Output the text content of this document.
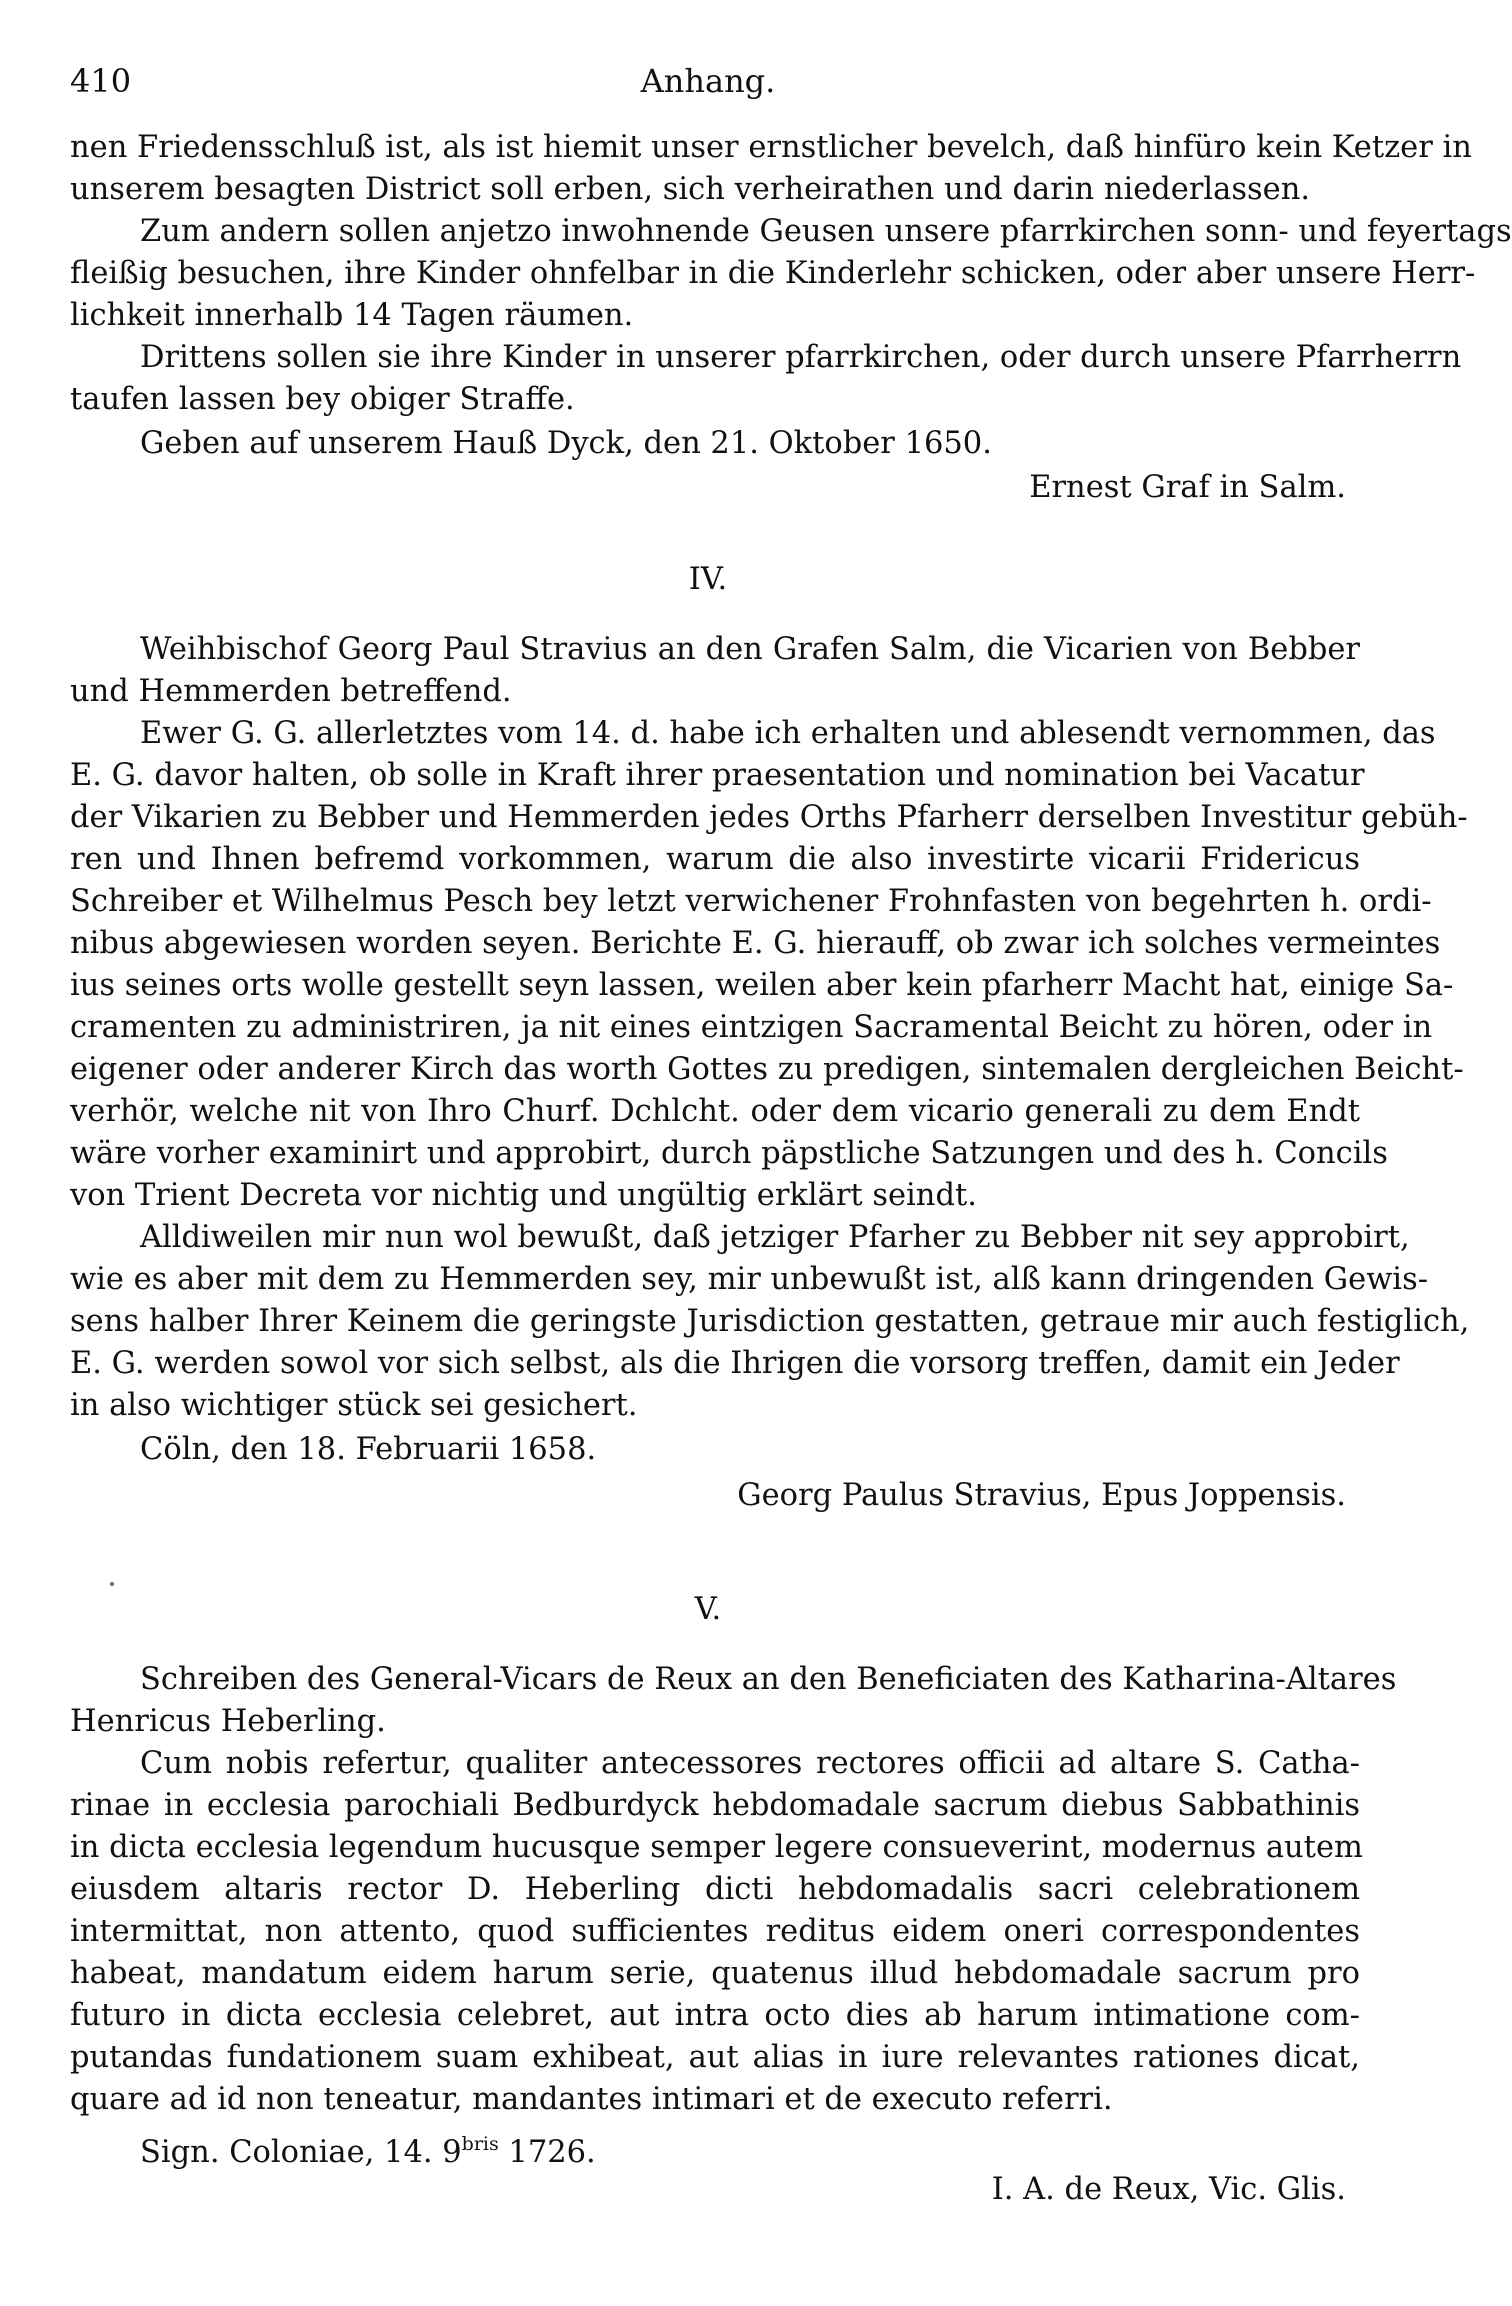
410	Anhang.
nen Friedensschluß ist, als ist hiemit unser ernstlicher bevelch, daß hinfüro kein Ketzer in
unserem besagten District soll erben, sich verheirathen und darin niederlassen.
Zum andern sollen anjetzo inwohnende Geusen unsere pfarrkirchen sonn- und feyertags
fleißig besuchen, ihre Kinder ohnfelbar in die Kinderlehr schicken, oder aber unsere Herr-
lichkeit innerhalb 14 Tagen räumen.
Drittens sollen sie ihre Kinder in unserer pfarrkirchen, oder durch unsere Pfarrherrn
taufen lassen bey obiger Straffe.
Geben auf unserem Hauß Dyck, den 21. Oktober 1650.
Ernest Graf in Salm.
IV.
Weihbischof Georg Paul Stravius an den Grafen Salm, die Vicarien von Bebber
und Hemmerden betreffend.
Ewer G. G. allerletztes vom 14. d. habe ich erhalten und ablesendt vernommen, das
E. G. davor halten, ob solle in Kraft ihrer praesentation und nomination bei Vacatur
der Vikarien zu Bebber und Hemmerden jedes Orths Pfarherr derselben Investitur gebüh-
ren und Ihnen befremd vorkommen, warum die also investirte vicarii Fridericus
Schreiber et Wilhelmus Pesch bey letzt verwichener Frohnfasten von begehrten h. ordi-
nibus abgewiesen worden seyen. Berichte E. G. hierauff, ob zwar ich solches vermeintes
ius seines orts wolle gestellt seyn lassen, weilen aber kein pfarherr Macht hat, einige Sa-
cramenten zu administriren, ja nit eines eintzigen Sacramental Beicht zu hören, oder in
eigener oder anderer Kirch das worth Gottes zu predigen, sintemalen dergleichen Beicht-
verhör, welche nit von Ihro Churf. Dchlcht. oder dem vicario generali zu dem Endt
wäre vorher examinirt und approbirt, durch päpstliche Satzungen und des h. Concils
von Trient Decreta vor nichtig und ungültig erklärt seindt.
Alldiweilen mir nun wol bewußt, daß jetziger Pfarher zu Bebber nit sey approbirt,
wie es aber mit dem zu Hemmerden sey, mir unbewußt ist, alß kann dringenden Gewis-
sens halber Ihrer Keinem die geringste Jurisdiction gestatten, getraue mir auch festiglich,
E. G. werden sowol vor sich selbst, als die Ihrigen die vorsorg treffen, damit ein Jeder
in also wichtiger stück sei gesichert.
Cöln, den 18. Februarii 1658.
Georg Paulus Stravius, Epus Joppensis.
V.
Schreiben des General-Vicars de Reux an den Beneficiaten des Katharina-Altares
Henricus Heberling.
Cum nobis refertur, qualiter antecessores rectores officii ad altare S. Catha-
rinae in ecclesia parochiali Bedburdyck hebdomadale sacrum diebus Sabbathinis
in dicta ecclesia legendum hucusque semper legere consueverint, modernus autem
eiusdem altaris rector D. Heberling dicti hebdomadalis sacri celebrationem
intermittat, non attento, quod sufficientes reditus eidem oneri correspondentes
habeat, mandatum eidem harum serie, quatenus illud hebdomadale sacrum pro
futuro in dicta ecclesia celebret, aut intra octo dies ab harum intimatione com-
putandas fundationem suam exhibeat, aut alias in iure relevantes rationes dicat,
quare ad id non teneatur, mandantes intimari et de executo referri.
Sign. Coloniae, 14. $9^{bris}$ 1726.
I. A. de Reux, Vic. Glis.
